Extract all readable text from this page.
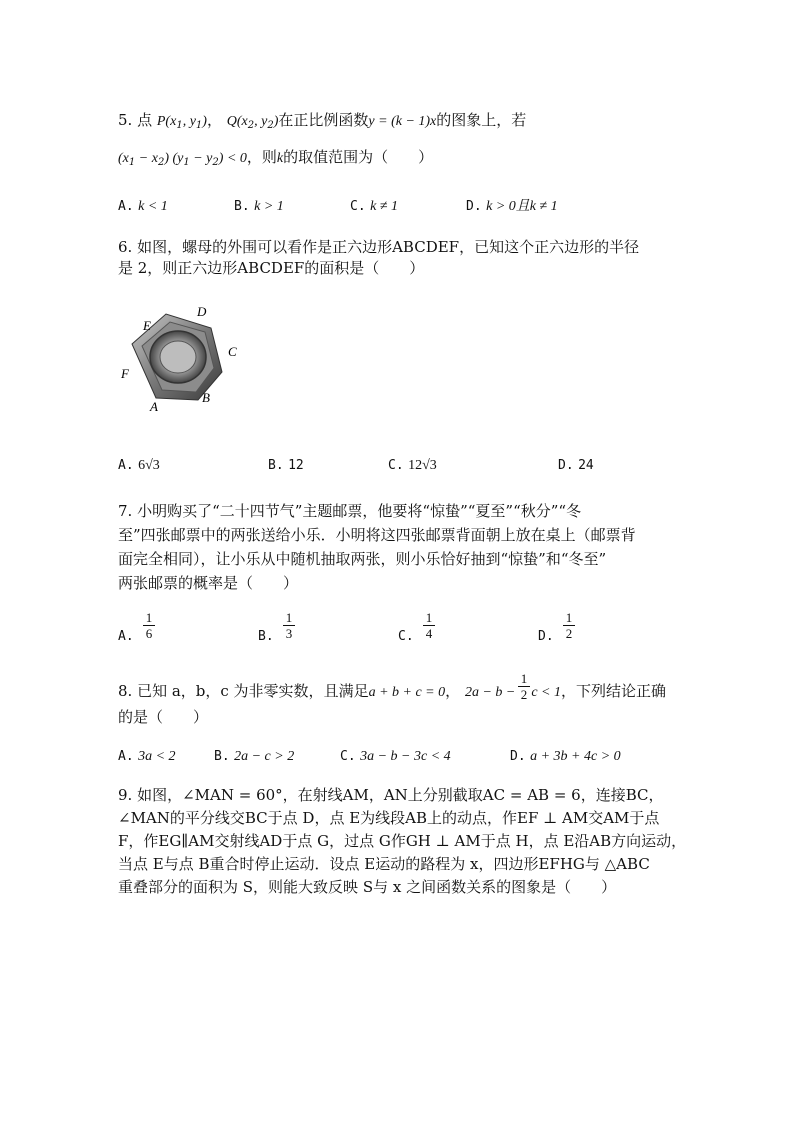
5. 点 $P(x_1$, $y_1$)， $Q(x_2$, $y_2$)在正比例函数y = (k − 1)x的图象上，若
$(x_1 - x_2) (y_1 - y_2) < 0$，则k的取值范围为（　　）
A. k < 1	B. k > 1	C. k ≠ 1	D. k > 0且k ≠ 1
6. 如图，螺母的外围可以看作是正六边形ABCDEF，已知这个正六边形的半径
是 2，则正六边形ABCDEF的面积是（　　）
D
E
C
F
B
A
A. 6√3	B. 12	C. 12√3	D. 24
7. 小明购买了“二十四节气”主题邮票，他要将“惊蛰”“夏至”“秋分”“冬
至”四张邮票中的两张送给小乐．小明将这四张邮票背面朝上放在桌上（邮票背
面完全相同），让小乐从中随机抽取两张，则小乐恰好抽到“惊蛰”和“冬至”
两张邮票的概率是（　　）
A.
1
6	B.
1
3	C.
1
4	D.
1
2
8. 已知 a，b，c 为非零实数，且满足a + b + c = 0， 2a − b − c < 1，下列结论正确
1
2
的是（　　）
A. 3a < 2	B. 2a − c > 2	C. 3a − b − 3c < 4	D. a + 3b + 4c > 0
9. 如图，∠MAN = 60°，在射线AM，AN上分别截取AC = AB = 6，连接BC，
∠MAN的平分线交BC于点 D，点 E为线段AB上的动点，作EF ⊥ AM交AM于点
F，作EG∥AM交射线AD于点 G，过点 G作GH ⊥ AM于点 H，点 E沿AB方向运动，
当点 E与点 B重合时停止运动．设点 E运动的路程为 x，四边形EFHG与 △ABC
重叠部分的面积为 S，则能大致反映 S与 x 之间函数关系的图象是（　　）
